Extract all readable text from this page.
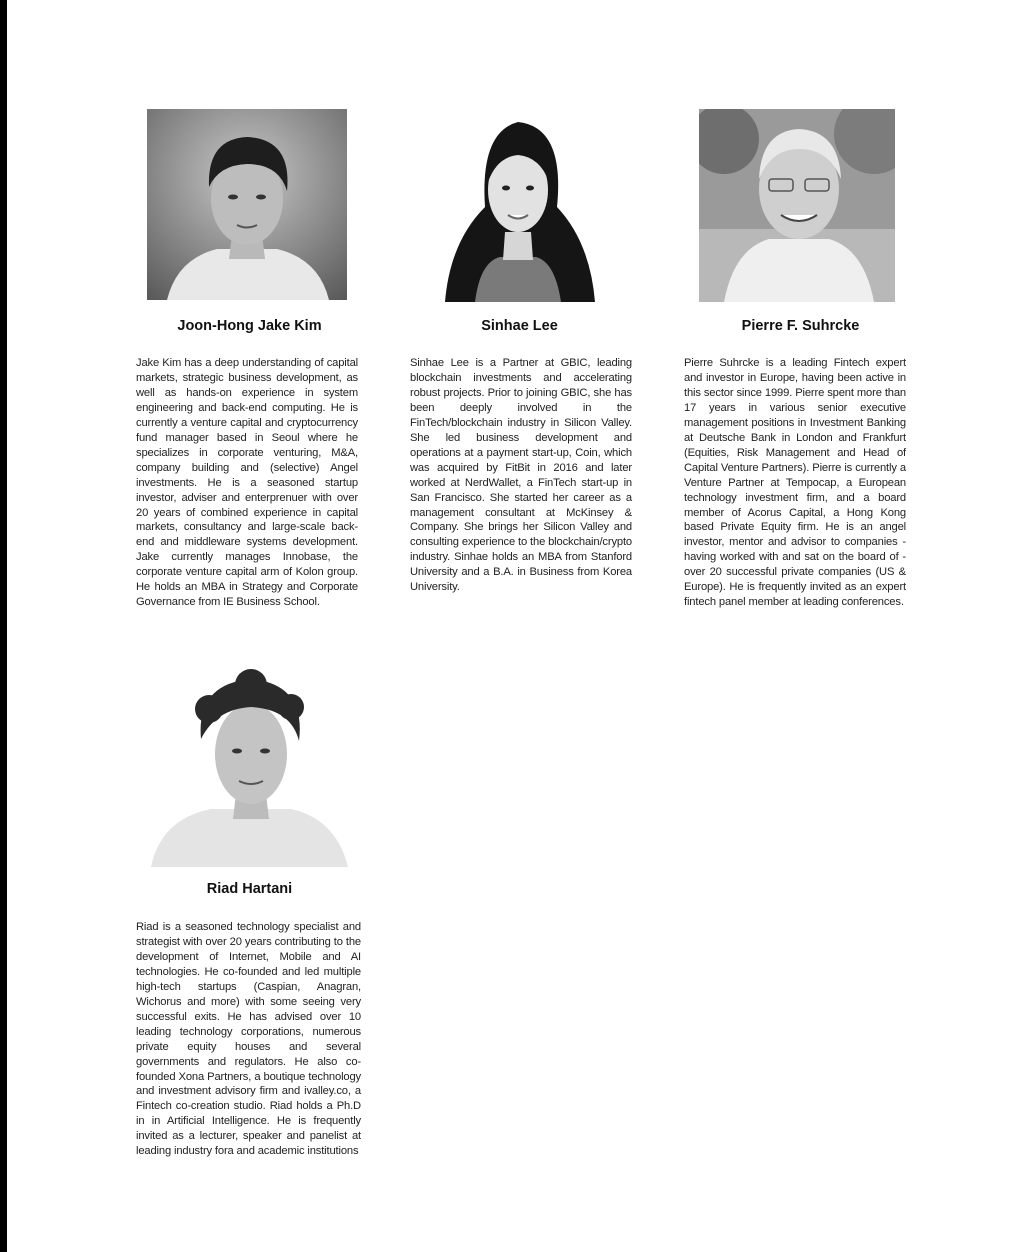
Joon-Hong Jake Kim
Jake Kim has a deep understanding of capital markets, strategic business development, as well as hands-on experience in system engineering and back-end computing. He is currently a venture capital and cryptocurrency fund manager based in Seoul where he specializes in corporate venturing, M&A, company building and (selective) Angel investments. He is a seasoned startup investor, adviser and enterprenuer with over 20 years of combined experience in capital markets, consultancy and large-scale back-end and middleware systems development. Jake currently manages Innobase, the corporate venture capital arm of Kolon group. He holds an MBA in Strategy and Corporate Governance from IE Business School.
Sinhae Lee
Sinhae Lee is a Partner at GBIC, leading blockchain investments and accelerating robust projects. Prior to joining GBIC, she has been deeply involved in the FinTech/blockchain industry in Silicon Valley. She led business development and operations at a payment start-up, Coin, which was acquired by FitBit in 2016 and later worked at NerdWallet, a FinTech start-up in San Francisco. She started her career as a management consultant at McKinsey & Company. She brings her Silicon Valley and consulting experience to the blockchain/crypto industry. Sinhae holds an MBA from Stanford University and a B.A. in Business from Korea University.
Pierre F. Suhrcke
Pierre Suhrcke is a leading Fintech expert and investor in Europe, having been active in this sector since 1999. Pierre spent more than 17 years in various senior executive management positions in Investment Banking at Deutsche Bank in London and Frankfurt (Equities, Risk Management and Head of Capital Venture Partners). Pierre is currently a Venture Partner at Tempocap, a European technology investment firm, and a board member of Acorus Capital, a Hong Kong based Private Equity firm. He is an angel investor, mentor and advisor to companies - having worked with and sat on the board of - over 20 successful private companies (US & Europe). He is frequently invited as an expert fintech panel member at leading conferences.
Riad Hartani
Riad is a seasoned technology specialist and strategist with over 20 years contributing to the development of Internet, Mobile and AI technologies. He co-founded and led multiple high-tech startups (Caspian, Anagran, Wichorus and more) with some seeing very successful exits. He has advised over 10 leading technology corporations, numerous private equity houses and several governments and regulators. He also co-founded Xona Partners, a boutique technology and investment advisory firm and ivalley.co, a Fintech co-creation studio. Riad holds a Ph.D in in Artificial Intelligence. He is frequently invited as a lecturer, speaker and panelist at leading industry fora and academic institutions
